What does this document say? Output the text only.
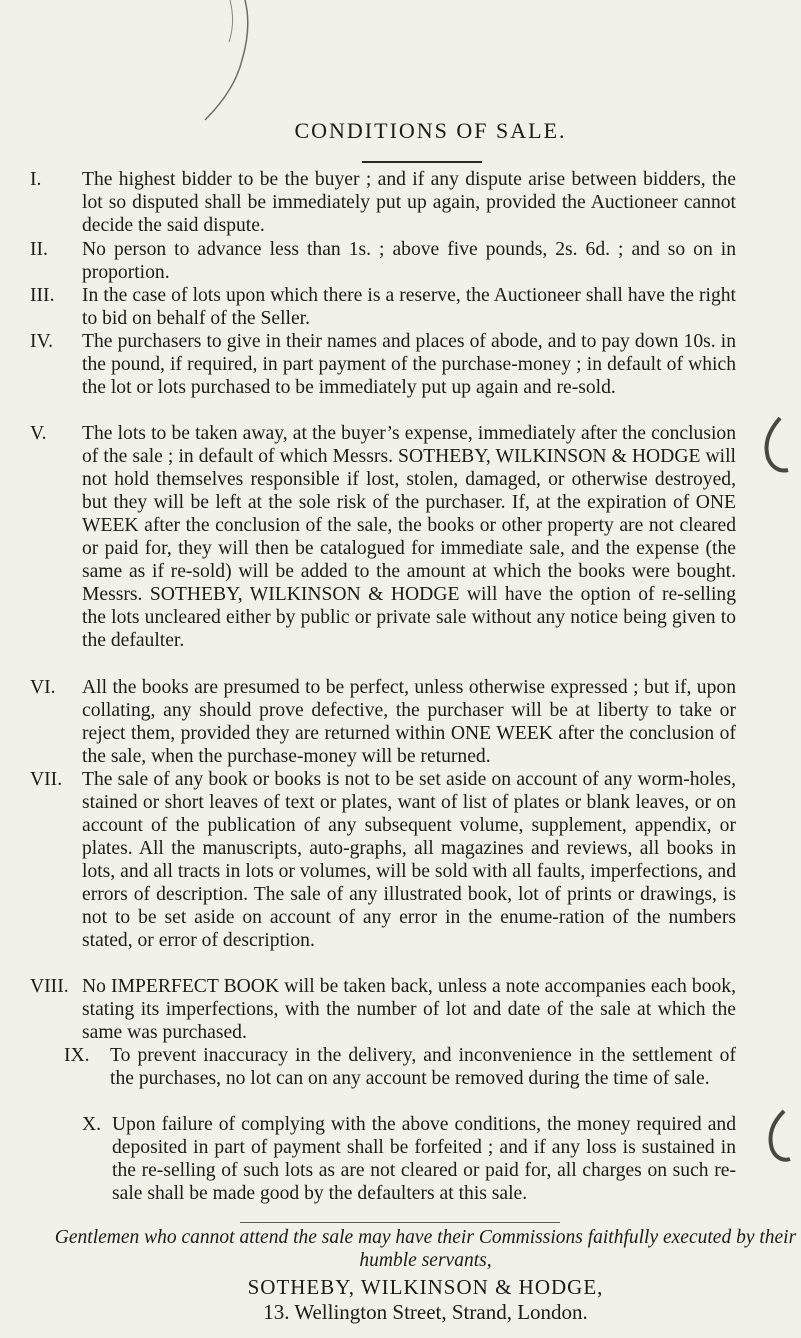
CONDITIONS OF SALE.
I.	The highest bidder to be the buyer ; and if any dispute arise between bidders, the lot so disputed shall be immediately put up again, provided the Auctioneer cannot decide the said dispute.
II.	No person to advance less than 1s. ; above five pounds, 2s. 6d. ; and so on in proportion.
III.	In the case of lots upon which there is a reserve, the Auctioneer shall have the right to bid on behalf of the Seller.
IV.	The purchasers to give in their names and places of abode, and to pay down 10s. in the pound, if required, in part payment of the purchase-money ; in default of which the lot or lots purchased to be immediately put up again and re-sold.
V.	The lots to be taken away, at the buyer’s expense, immediately after the conclusion of the sale ; in default of which Messrs. SOTHEBY, WILKINSON & HODGE will not hold themselves responsible if lost, stolen, damaged, or otherwise destroyed, but they will be left at the sole risk of the purchaser. If, at the expiration of ONE WEEK after the conclusion of the sale, the books or other property are not cleared or paid for, they will then be catalogued for immediate sale, and the expense (the same as if re-sold) will be added to the amount at which the books were bought. Messrs. SOTHEBY, WILKINSON & HODGE will have the option of re-selling the lots uncleared either by public or private sale without any notice being given to the defaulter.
VI.	All the books are presumed to be perfect, unless otherwise expressed ; but if, upon collating, any should prove defective, the purchaser will be at liberty to take or reject them, provided they are returned within ONE WEEK after the conclusion of the sale, when the purchase-money will be returned.
VII.	The sale of any book or books is not to be set aside on account of any worm-holes, stained or short leaves of text or plates, want of list of plates or blank leaves, or on account of the publication of any subsequent volume, supplement, appendix, or plates. All the manuscripts, auto-graphs, all magazines and reviews, all books in lots, and all tracts in lots or volumes, will be sold with all faults, imperfections, and errors of description. The sale of any illustrated book, lot of prints or drawings, is not to be set aside on account of any error in the enume-ration of the numbers stated, or error of description.
VIII. No IMPERFECT BOOK will be taken back, unless a note accompanies each book, stating its imperfections, with the number of lot and date of the sale at which the same was purchased.
IX.	To prevent inaccuracy in the delivery, and inconvenience in the settlement of the purchases, no lot can on any account be removed during the time of sale.
X. Upon failure of complying with the above conditions, the money required and deposited in part of payment shall be forfeited ; and if any loss is sustained in the re-selling of such lots as are not cleared or paid for, all charges on such re-sale shall be made good by the defaulters at this sale.
Gentlemen who cannot attend the sale may have their Commissions faithfully executed by their humble servants,
SOTHEBY, WILKINSON & HODGE,
13. Wellington Street, Strand, London.
